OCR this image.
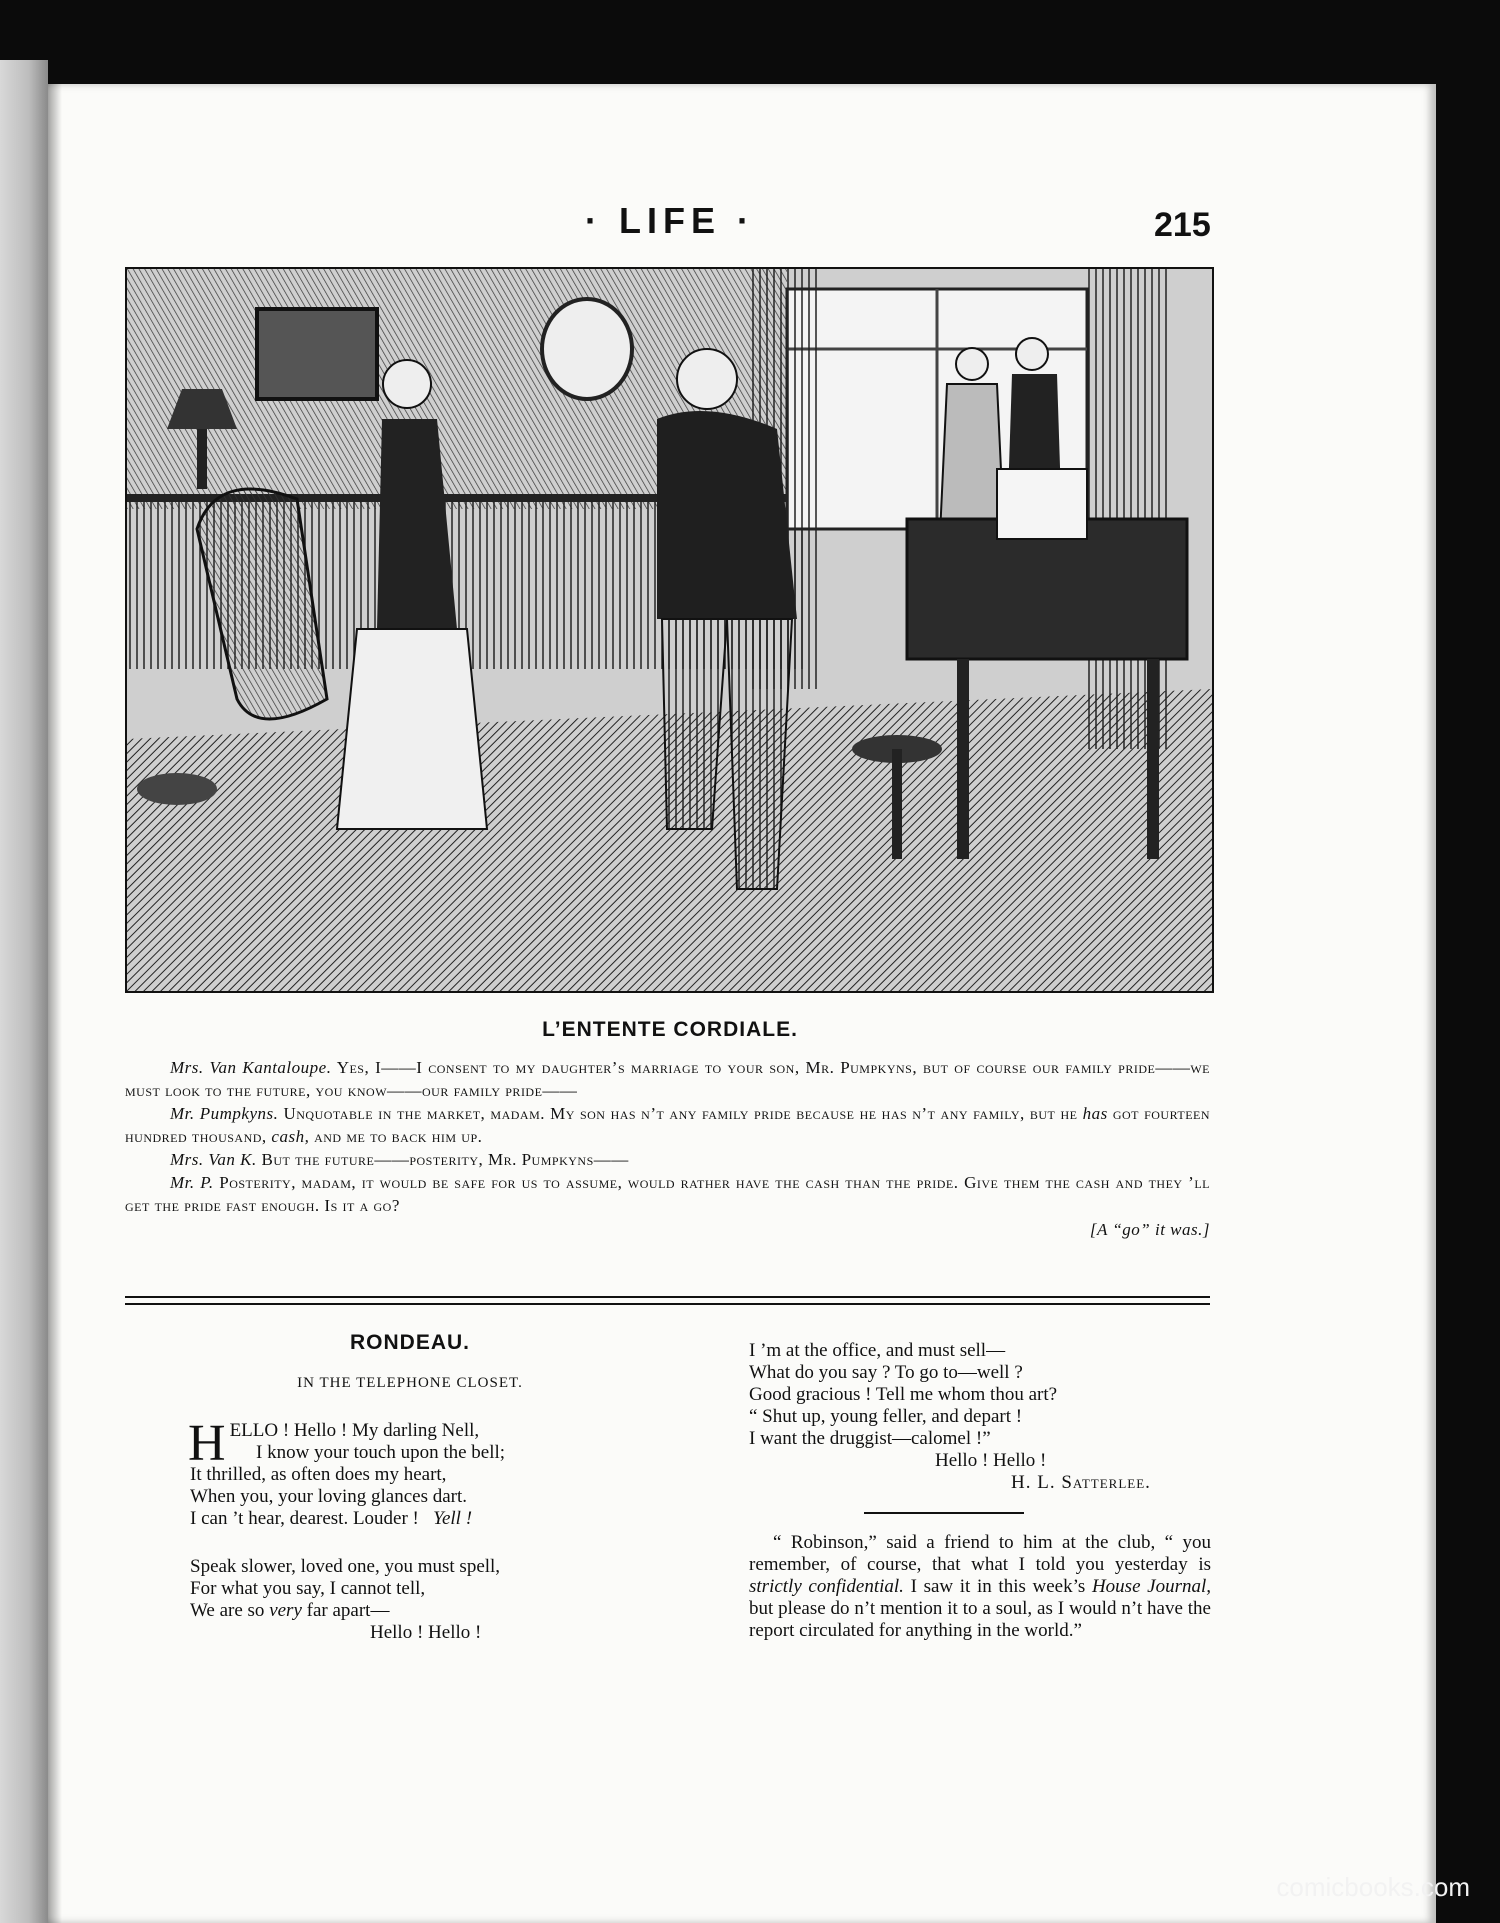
· LIFE ·	215
L’ENTENTE CORDIALE.

Mrs. Van Kantaloupe. Yes, I——I consent to my daughter’s marriage to your son, Mr. Pumpkyns, but of course our family pride——we must look to the future, you know——our family pride——

Mr. Pumpkyns. Unquotable in the market, madam. My son has n’t any family pride because he has n’t any family, but he has got fourteen hundred thousand, cash, and me to back him up.

Mrs. Van K. But the future——posterity, Mr. Pumpkyns——

Mr. P. Posterity, madam, it would be safe for us to assume, would rather have the cash than the pride. Give them the cash and they ’ll get the pride fast enough. Is it a go?

[A “go” it was.]

RONDEAU.
IN THE TELEPHONE CLOSET.
HELLO ! Hello ! My darling Nell,
I know your touch upon the bell;
It thrilled, as often does my heart,
When you, your loving glances dart.
I can ’t hear, dearest. Louder ! Yell !
Speak slower, loved one, you must spell,
For what you say, I cannot tell,
We are so very far apart—
Hello ! Hello !
I ’m at the office, and must sell—
What do you say ? To go to—well ?
Good gracious ! Tell me whom thou art?
“ Shut up, young feller, and depart !
I want the druggist—calomel !”
Hello ! Hello !
H. L. Satterlee.
“ Robinson,” said a friend to him at the club, “ you remember, of course, that what I told you yesterday is strictly confidential. I saw it in this week’s House Journal, but please do n’t mention it to a soul, as I would n’t have the report circulated for anything in the world.”
comicbooks.com
